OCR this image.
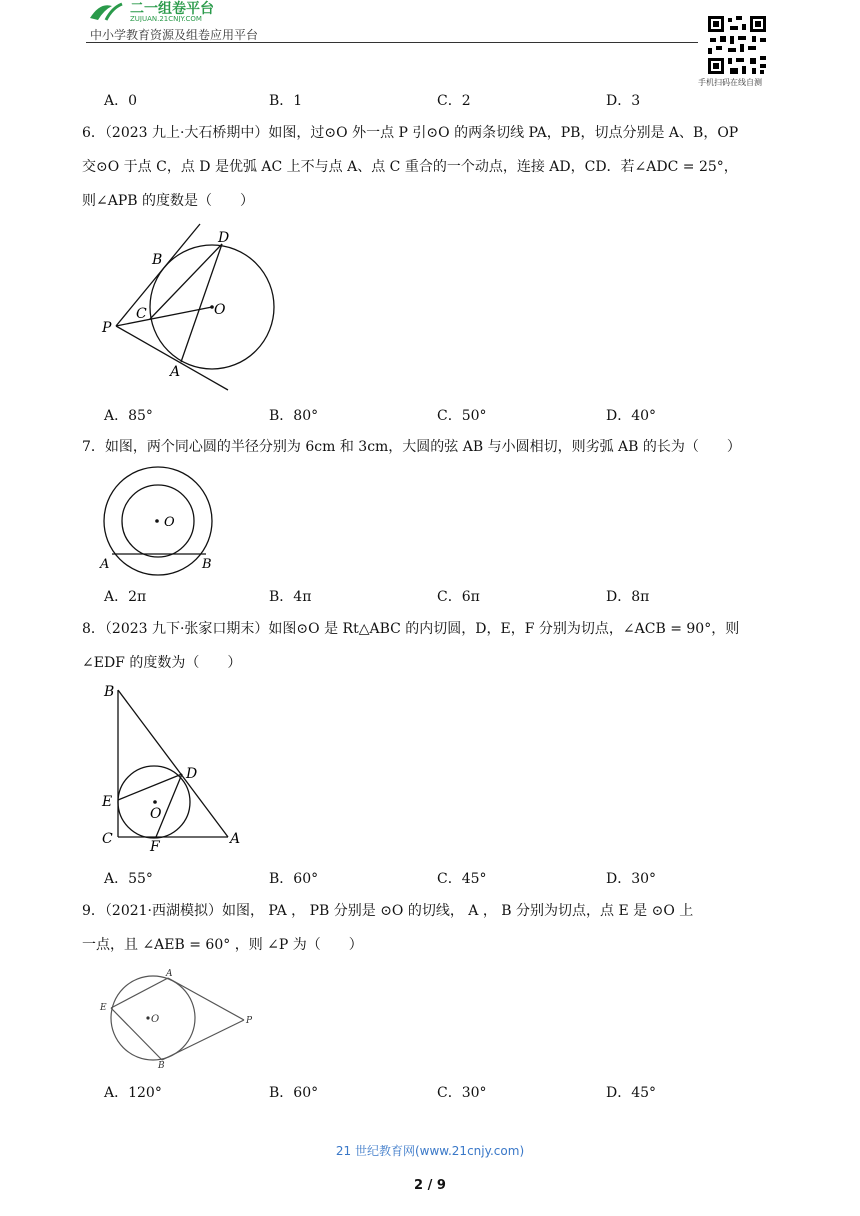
二一组卷平台
ZUJUAN.21CNJY.COM
中小学教育资源及组卷应用平台
手机扫码在线自测
A．0	B．1	C．2	D．3
6．（2023 九上·大石桥期中）如图，过⊙O 外一点 P 引⊙O 的两条切线 PA，PB，切点分别是 A、B，OP
交⊙O 于点 C，点 D 是优弧 AC 上不与点 A、点 C 重合的一个动点，连接 AD，CD．若∠ADC = 25°，
则∠APB 的度数是（　　）
B
D
C	O
P
A
A．85°	B．80°	C．50°	D．40°
7．如图，两个同心圆的半径分别为 6cm 和 3cm，大圆的弦 AB 与小圆相切，则劣弧 AB 的长为（　　）
O
A	B
A．2π	B．4π	C．6π	D．8π
8．（2023 九下·张家口期末）如图⊙O 是 Rt△ABC 的内切圆，D，E，F 分别为切点，∠ACB = 90°，则
∠EDF 的度数为（　　）
B
D
E
O
C	F	A
A．55°	B．60°	C．45°	D．30°
9．（2021·西湖模拟）如图， PA ， PB 分别是 ⊙O 的切线， A ， B 分别为切点，点 E 是 ⊙O 上
一点，且 ∠AEB = 60° ，则 ∠P 为（　　）
A
E
O	P
B
A．120°	B．60°	C．30°	D．45°
21 世纪教育网(www.21cnjy.com)
2 / 9
